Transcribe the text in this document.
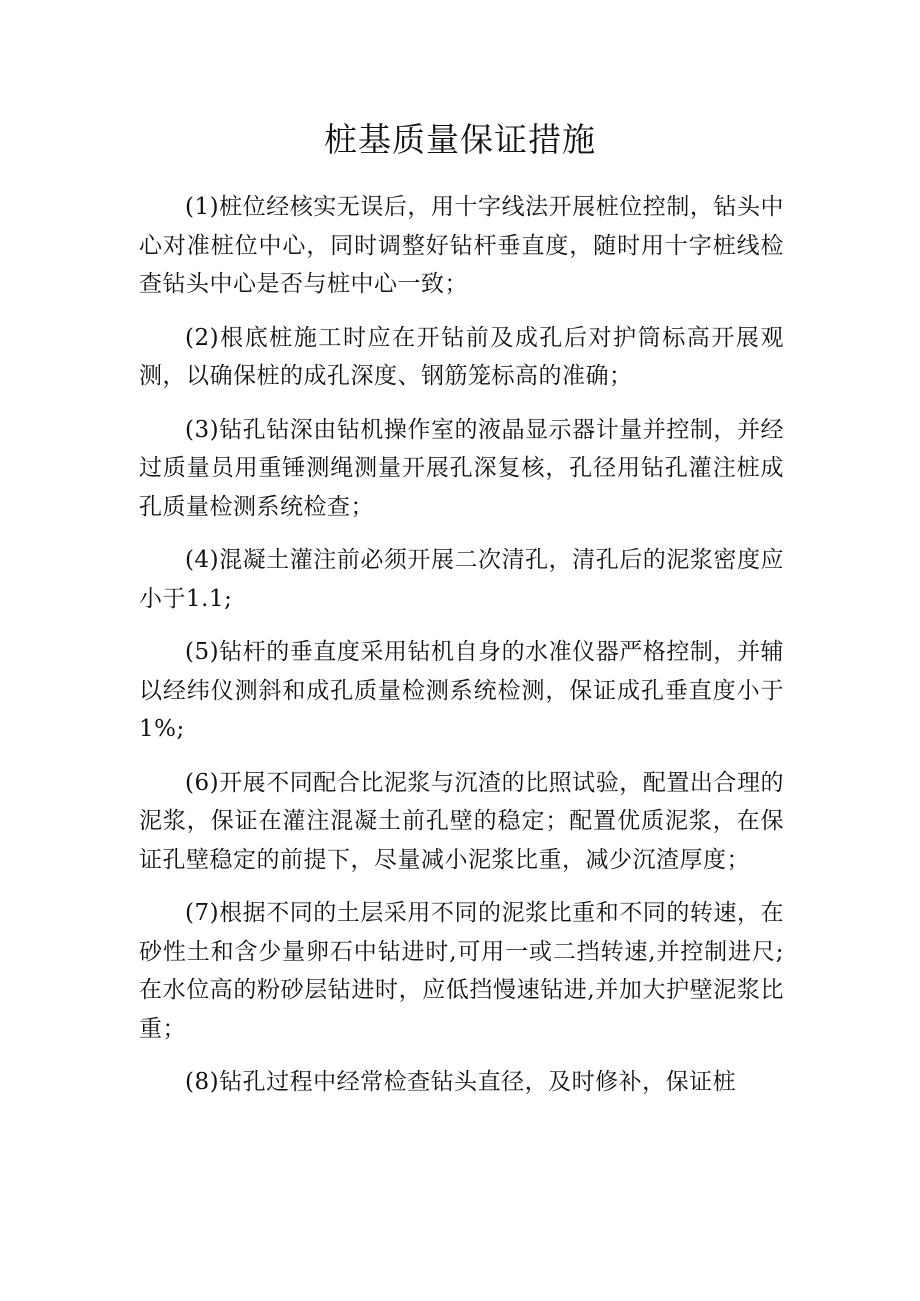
桩基质量保证措施

(1)桩位经核实无误后，用十字线法开展桩位控制，钻头中心对准桩位中心，同时调整好钻杆垂直度，随时用十字桩线检查钻头中心是否与桩中心一致；

(2)根底桩施工时应在开钻前及成孔后对护筒标高开展观测，以确保桩的成孔深度、钢筋笼标高的准确；

(3)钻孔钻深由钻机操作室的液晶显示器计量并控制，并经过质量员用重锤测绳测量开展孔深复核，孔径用钻孔灌注桩成孔质量检测系统检查；

(4)混凝土灌注前必须开展二次清孔，清孔后的泥浆密度应小于1.1;

(5)钻杆的垂直度采用钻机自身的水准仪器严格控制，并辅以经纬仪测斜和成孔质量检测系统检测，保证成孔垂直度小于1%;

(6)开展不同配合比泥浆与沉渣的比照试验，配置出合理的泥浆，保证在灌注混凝土前孔壁的稳定；配置优质泥浆，在保证孔壁稳定的前提下，尽量减小泥浆比重，减少沉渣厚度；

(7)根据不同的土层采用不同的泥浆比重和不同的转速，在砂性土和含少量卵石中钻进时,可用一或二挡转速,并控制进尺; 在水位高的粉砂层钻进时，应低挡慢速钻进,并加大护壁泥浆比重；

(8)钻孔过程中经常检查钻头直径，及时修补，保证桩
